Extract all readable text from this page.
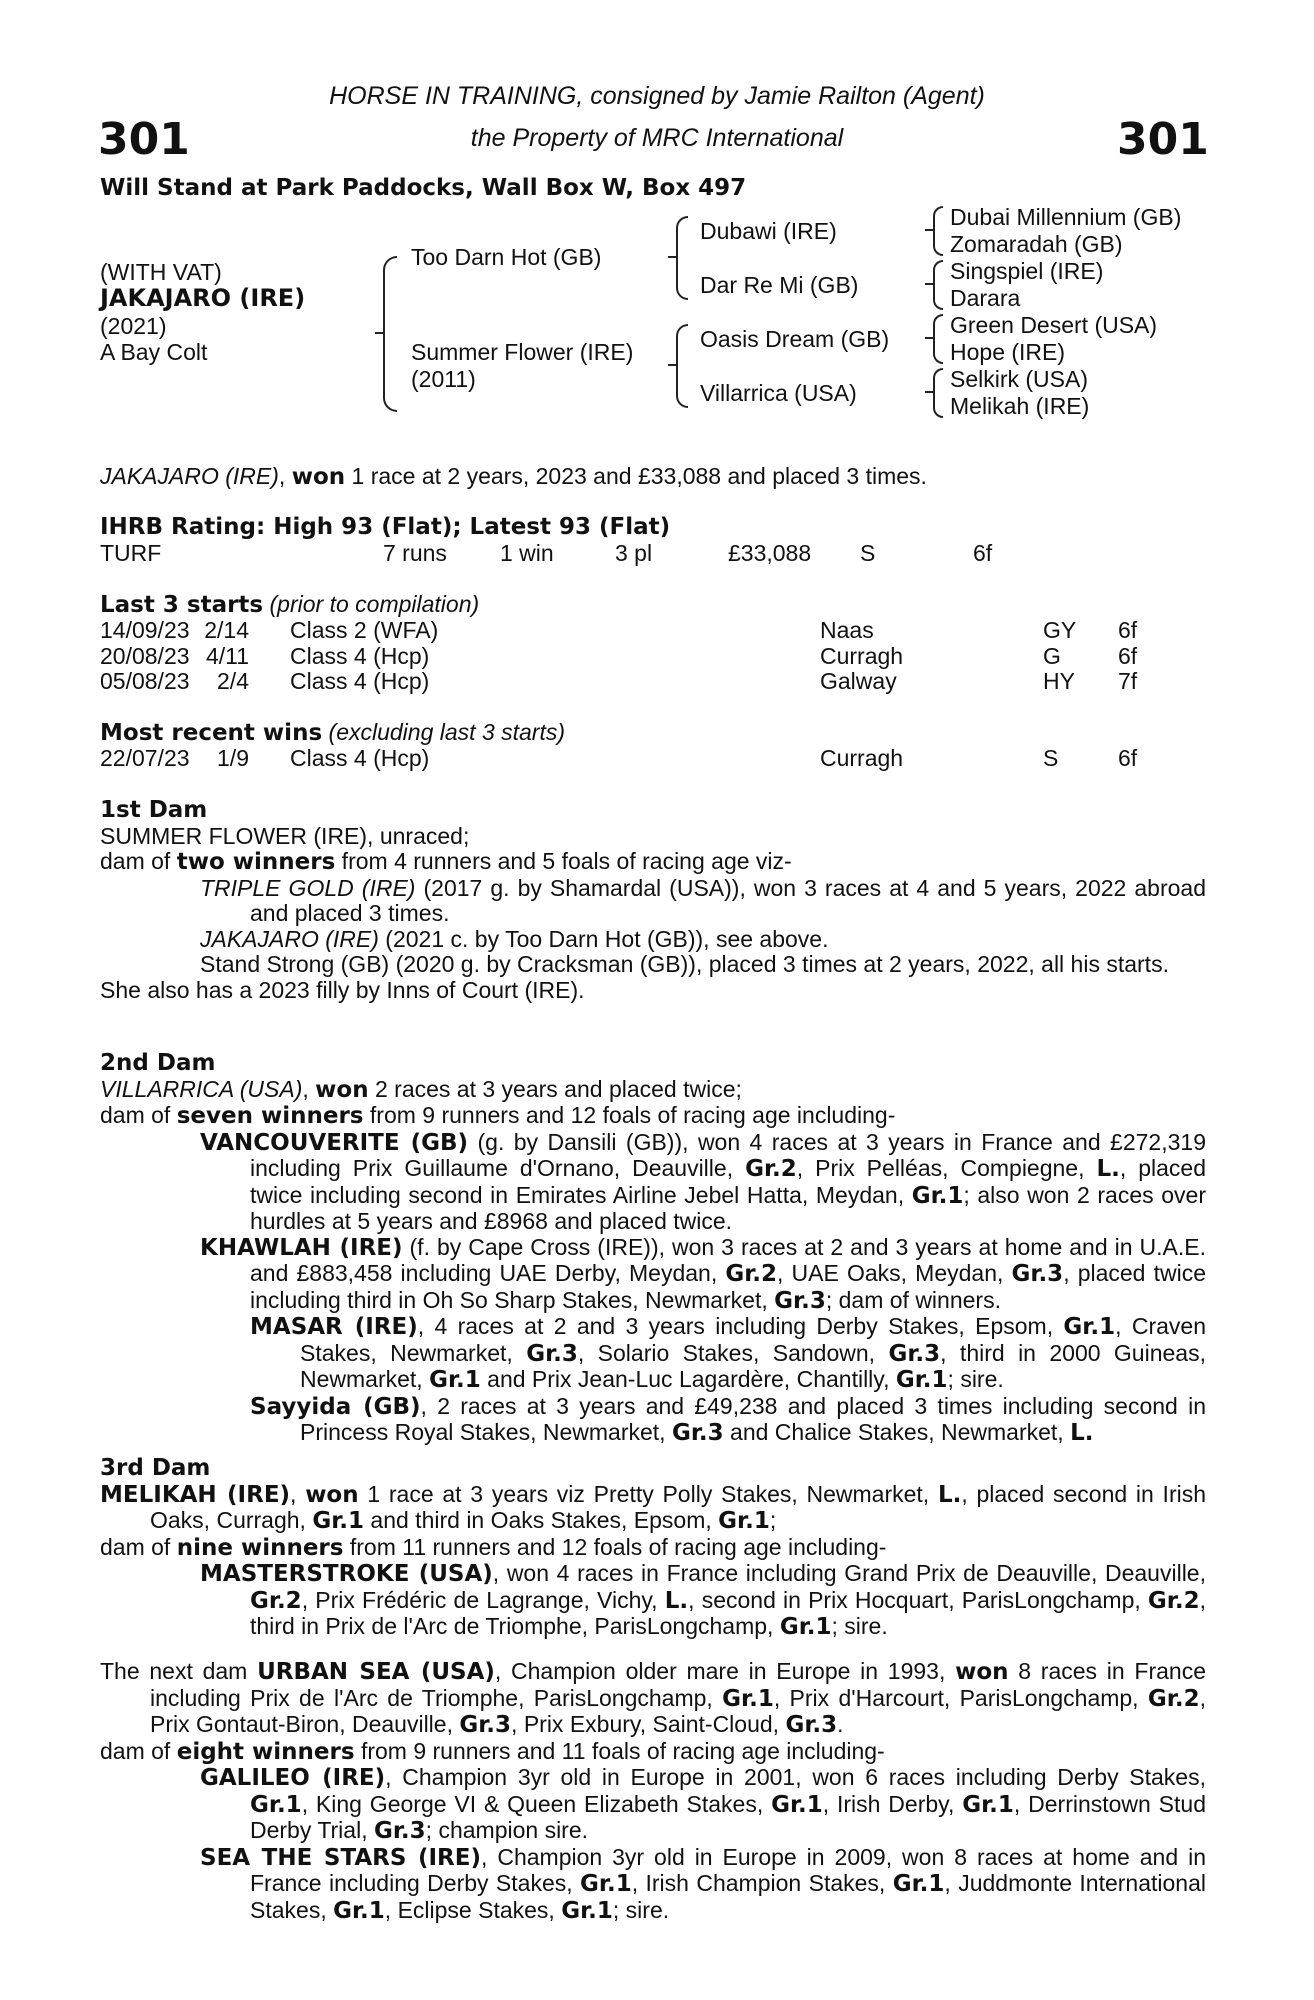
HORSE IN TRAINING, consigned by Jamie Railton (Agent)
the Property of MRC International
301	301
Will Stand at Park Paddocks, Wall Box W, Box 497
(WITH VAT)
JAKAJARO (IRE)
(2021)
A Bay Colt
Too Darn Hot (GB)
Summer Flower (IRE)
(2011)
Dubawi (IRE)
Dar Re Mi (GB)
Oasis Dream (GB)
Villarrica (USA)
Dubai Millennium (GB)
Zomaradah (GB)
Singspiel (IRE)
Darara
Green Desert (USA)
Hope (IRE)
Selkirk (USA)
Melikah (IRE)
JAKAJARO (IRE), won 1 race at 2 years, 2023 and £33,088 and placed 3 times.
IHRB Rating: High 93 (Flat); Latest 93 (Flat)
TURF	7 runs 1 win	3 pl	£33,088 S	6f
Last 3 starts (prior to compilation)
14/09/23 2/14 Class 2 (WFA)	Naas	GY 6f
20/08/23 4/11 Class 4 (Hcp)	Curragh	G 6f
05/08/23	2/4 Class 4 (Hcp)	Galway	HY 7f
Most recent wins (excluding last 3 starts)
22/07/23	1/9 Class 4 (Hcp)	Curragh	S	6f

1st Dam

SUMMER FLOWER (IRE), unraced;

dam of two winners from 4 runners and 5 foals of racing age viz-

TRIPLE GOLD (IRE) (2017 g. by Shamardal (USA)), won 3 races at 4 and 5 years, 2022 abroad and placed 3 times.

JAKAJARO (IRE) (2021 c. by Too Darn Hot (GB)), see above.

Stand Strong (GB) (2020 g. by Cracksman (GB)), placed 3 times at 2 years, 2022, all his starts.

She also has a 2023 filly by Inns of Court (IRE).

2nd Dam

VILLARRICA (USA), won 2 races at 3 years and placed twice;

dam of seven winners from 9 runners and 12 foals of racing age including-

VANCOUVERITE (GB) (g. by Dansili (GB)), won 4 races at 3 years in France and £272,319 including Prix Guillaume d'Ornano, Deauville, Gr.2, Prix Pelléas, Compiegne, L., placed twice including second in Emirates Airline Jebel Hatta, Meydan, Gr.1; also won 2 races over hurdles at 5 years and £8968 and placed twice.

KHAWLAH (IRE) (f. by Cape Cross (IRE)), won 3 races at 2 and 3 years at home and in U.A.E. and £883,458 including UAE Derby, Meydan, Gr.2, UAE Oaks, Meydan, Gr.3, placed twice including third in Oh So Sharp Stakes, Newmarket, Gr.3; dam of winners.

MASAR (IRE), 4 races at 2 and 3 years including Derby Stakes, Epsom, Gr.1, Craven Stakes, Newmarket, Gr.3, Solario Stakes, Sandown, Gr.3, third in 2000 Guineas, Newmarket, Gr.1 and Prix Jean-Luc Lagardère, Chantilly, Gr.1; sire.

Sayyida (GB), 2 races at 3 years and £49,238 and placed 3 times including second in Princess Royal Stakes, Newmarket, Gr.3 and Chalice Stakes, Newmarket, L.

3rd Dam

MELIKAH (IRE), won 1 race at 3 years viz Pretty Polly Stakes, Newmarket, L., placed second in Irish Oaks, Curragh, Gr.1 and third in Oaks Stakes, Epsom, Gr.1;

dam of nine winners from 11 runners and 12 foals of racing age including-

MASTERSTROKE (USA), won 4 races in France including Grand Prix de Deauville, Deauville, Gr.2, Prix Frédéric de Lagrange, Vichy, L., second in Prix Hocquart, ParisLongchamp, Gr.2, third in Prix de l'Arc de Triomphe, ParisLongchamp, Gr.1; sire.

The next dam URBAN SEA (USA), Champion older mare in Europe in 1993, won 8 races in France including Prix de l'Arc de Triomphe, ParisLongchamp, Gr.1, Prix d'Harcourt, ParisLongchamp, Gr.2, Prix Gontaut-Biron, Deauville, Gr.3, Prix Exbury, Saint-Cloud, Gr.3.

dam of eight winners from 9 runners and 11 foals of racing age including-

GALILEO (IRE), Champion 3yr old in Europe in 2001, won 6 races including Derby Stakes, Gr.1, King George VI & Queen Elizabeth Stakes, Gr.1, Irish Derby, Gr.1, Derrinstown Stud Derby Trial, Gr.3; champion sire.

SEA THE STARS (IRE), Champion 3yr old in Europe in 2009, won 8 races at home and in France including Derby Stakes, Gr.1, Irish Champion Stakes, Gr.1, Juddmonte International Stakes, Gr.1, Eclipse Stakes, Gr.1; sire.
